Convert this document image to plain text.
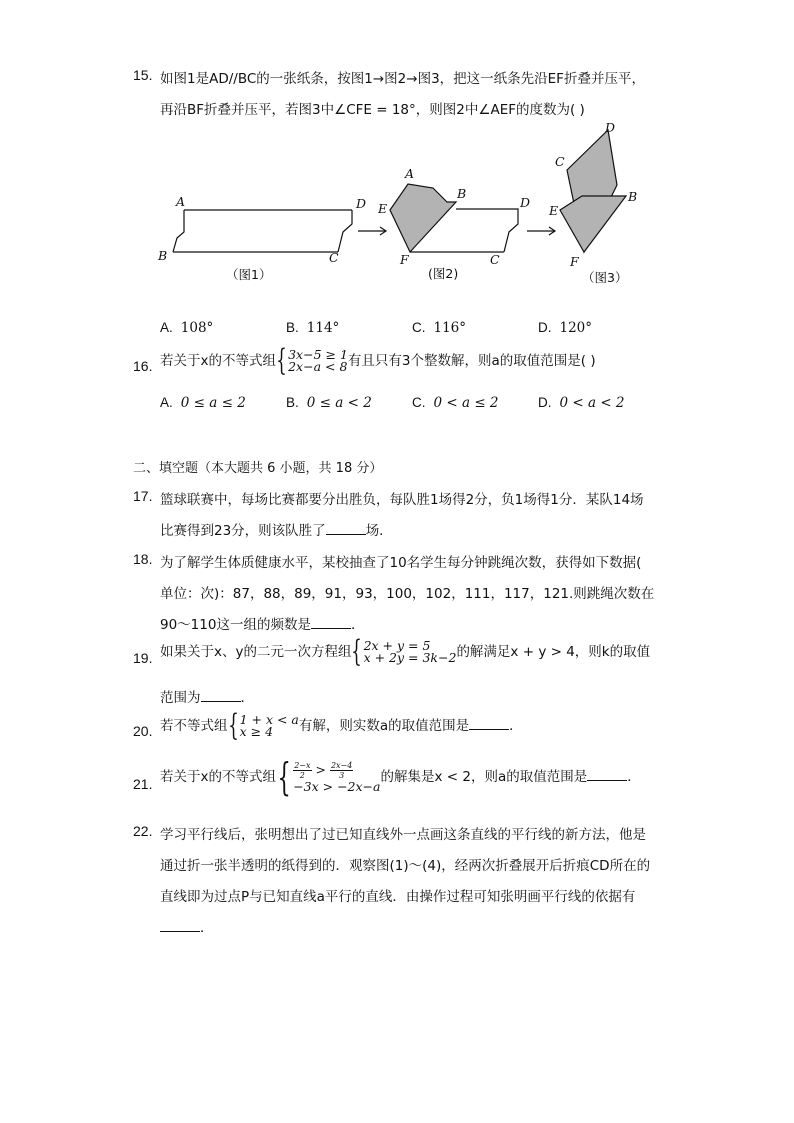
15. 如图1是AD//BC的一张纸条，按图1→图2→图3，把这一纸条先沿EF折叠并压平，
再沿BF折叠并压平，若图3中∠CFE = 18°，则图2中∠AEF的度数为( )
A
B
D
C
A
B
E
F
D
C
D
C
E
B
F
（图1）	(图2)	（图3）
A. 108°	B. 114°	C. 116°	D. 120°
16. 若关于x的不等式组 { 3x−5 ≥ 1
2x−a < 8 有且只有3个整数解，则a的取值范围是( )
A. 0 ≤ a ≤ 2	B. 0 ≤ a < 2	C. 0 < a ≤ 2	D. 0 < a < 2
二、填空题（本大题共 6 小题，共 18 分）
17. 篮球联赛中，每场比赛都要分出胜负，每队胜1场得2分，负1场得1分．某队14场
比赛得到23分，则该队胜了	场．
18. 为了解学生体质健康水平，某校抽查了10名学生每分钟跳绳次数，获得如下数据(
单位：次)：87，88，89，91，93，100，102，111，117，121.则跳绳次数在
90～110这一组的频数是	．
19. 如果关于x、y的二元一次方程组 { 2x + y = 5
x + 2y = 3k−2 的解满足x + y > 4，则k的取值
范围为	．
20. 若不等式组 { 1 + x < a
x ≥ 4	有解，则实数a的取值范围是	．
21. 若关于x的不等式组 { $\frac{2-x}{2} > \frac{2x-4}{3}$
−3x > −2x−a
的解集是x < 2，则a的取值范围是	．
22. 学习平行线后，张明想出了过已知直线外一点画这条直线的平行线的新方法，他是
通过折一张半透明的纸得到的．观察图(1)～(4)，经两次折叠展开后折痕CD所在的
直线即为过点P与已知直线a平行的直线．由操作过程可知张明画平行线的依据有
．
